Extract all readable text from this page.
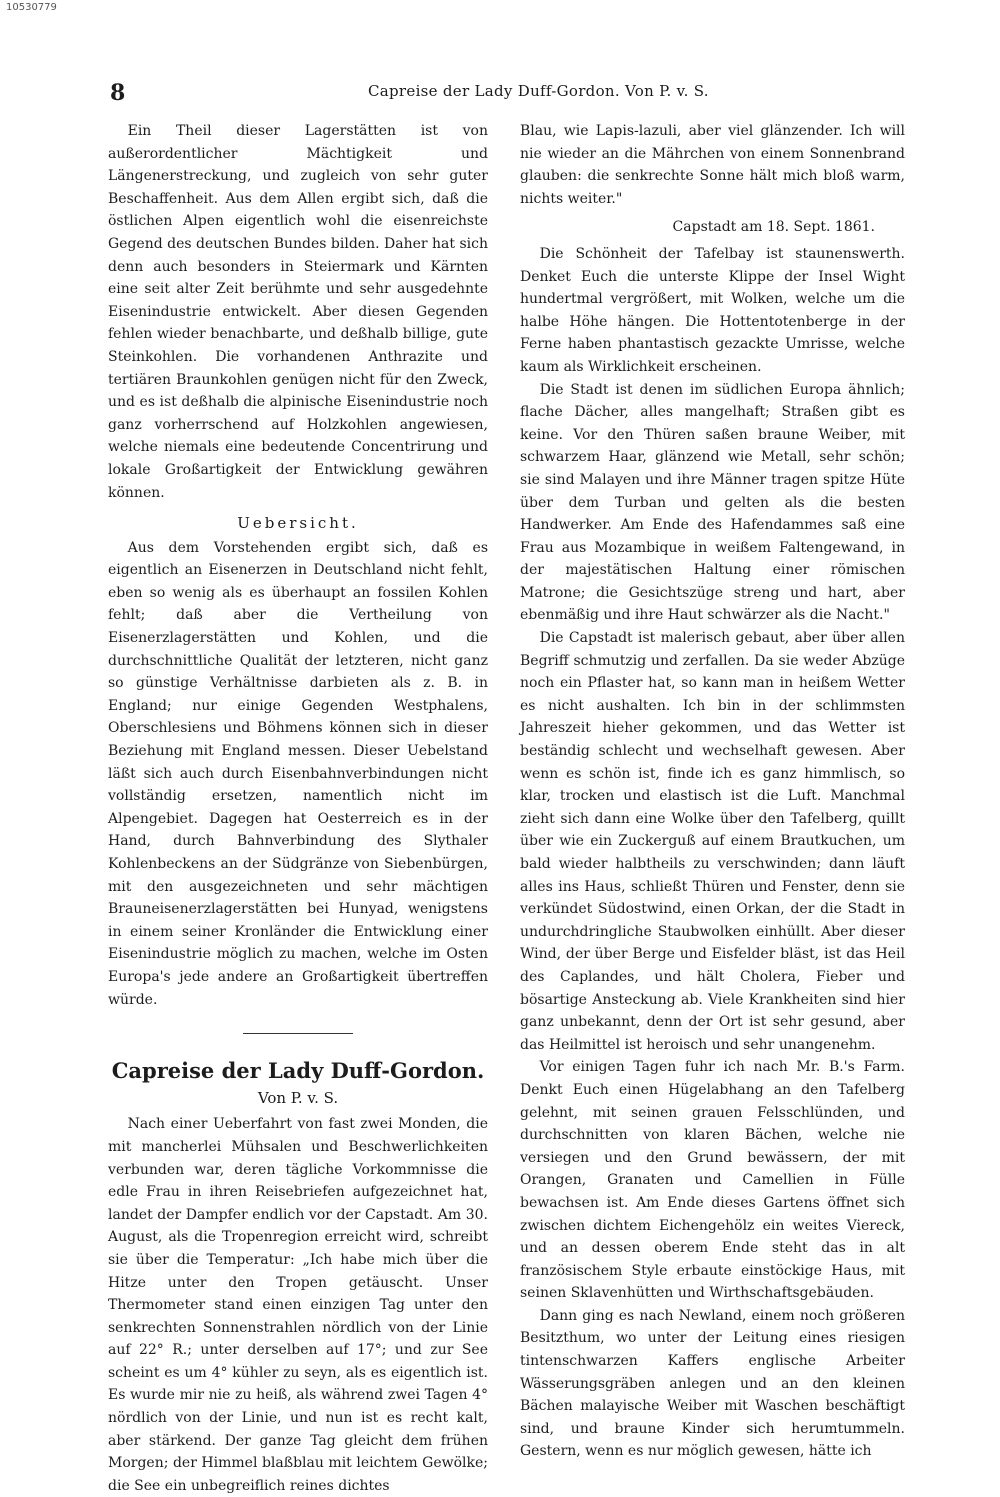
10530779
8	Capreise der Lady Duff-Gordon. Von P. v. S.

Ein Theil dieser Lagerstätten ist von außerordentlicher Mächtigkeit und Längenerstreckung, und zugleich von sehr guter Beschaffenheit. Aus dem Allen ergibt sich, daß die östlichen Alpen eigentlich wohl die eisenreichste Gegend des deutschen Bundes bilden. Daher hat sich denn auch besonders in Steiermark und Kärnten eine seit alter Zeit berühmte und sehr ausgedehnte Eisenindustrie entwickelt. Aber diesen Gegenden fehlen wieder benachbarte, und deßhalb billige, gute Steinkohlen. Die vorhandenen Anthrazite und tertiären Braunkohlen genügen nicht für den Zweck, und es ist deßhalb die alpinische Eisenindustrie noch ganz vorherrschend auf Holzkohlen angewiesen, welche niemals eine bedeutende Concentrirung und lokale Großartigkeit der Entwicklung gewähren können.

Uebersicht.

Aus dem Vorstehenden ergibt sich, daß es eigentlich an Eisenerzen in Deutschland nicht fehlt, eben so wenig als es überhaupt an fossilen Kohlen fehlt; daß aber die Vertheilung von Eisenerzlagerstätten und Kohlen, und die durchschnittliche Qualität der letzteren, nicht ganz so günstige Verhältnisse darbieten als z. B. in England; nur einige Gegenden Westphalens, Oberschlesiens und Böhmens können sich in dieser Beziehung mit England messen. Dieser Uebelstand läßt sich auch durch Eisenbahnverbindungen nicht vollständig ersetzen, namentlich nicht im Alpengebiet. Dagegen hat Oesterreich es in der Hand, durch Bahnverbindung des Slythaler Kohlenbeckens an der Südgränze von Siebenbürgen, mit den ausgezeichneten und sehr mächtigen Brauneisenerzlagerstätten bei Hunyad, wenigstens in einem seiner Kronländer die Entwicklung einer Eisenindustrie möglich zu machen, welche im Osten Europa's jede andere an Großartigkeit übertreffen würde.

Capreise der Lady Duff-Gordon.

Von P. v. S.

Nach einer Ueberfahrt von fast zwei Monden, die mit mancherlei Mühsalen und Beschwerlichkeiten verbunden war, deren tägliche Vorkommnisse die edle Frau in ihren Reisebriefen aufgezeichnet hat, landet der Dampfer endlich vor der Capstadt. Am 30. August, als die Tropenregion erreicht wird, schreibt sie über die Temperatur: „Ich habe mich über die Hitze unter den Tropen getäuscht. Unser Thermometer stand einen einzigen Tag unter den senkrechten Sonnenstrahlen nördlich von der Linie auf 22° R.; unter derselben auf 17°; und zur See scheint es um 4° kühler zu seyn, als es eigentlich ist. Es wurde mir nie zu heiß, als während zwei Tagen 4° nördlich von der Linie, und nun ist es recht kalt, aber stärkend. Der ganze Tag gleicht dem frühen Morgen; der Himmel blaßblau mit leichtem Gewölke; die See ein unbegreiflich reines dichtes

Blau, wie Lapis-lazuli, aber viel glänzender. Ich will nie wieder an die Mährchen von einem Sonnenbrand glauben: die senkrechte Sonne hält mich bloß warm, nichts weiter."

Capstadt am 18. Sept. 1861.

Die Schönheit der Tafelbay ist staunenswerth. Denket Euch die unterste Klippe der Insel Wight hundertmal vergrößert, mit Wolken, welche um die halbe Höhe hängen. Die Hottentotenberge in der Ferne haben phantastisch gezackte Umrisse, welche kaum als Wirklichkeit erscheinen.

Die Stadt ist denen im südlichen Europa ähnlich; flache Dächer, alles mangelhaft; Straßen gibt es keine. Vor den Thüren saßen braune Weiber, mit schwarzem Haar, glänzend wie Metall, sehr schön; sie sind Malayen und ihre Männer tragen spitze Hüte über dem Turban und gelten als die besten Handwerker. Am Ende des Hafendammes saß eine Frau aus Mozambique in weißem Faltengewand, in der majestätischen Haltung einer römischen Matrone; die Gesichtszüge streng und hart, aber ebenmäßig und ihre Haut schwärzer als die Nacht."

Die Capstadt ist malerisch gebaut, aber über allen Begriff schmutzig und zerfallen. Da sie weder Abzüge noch ein Pflaster hat, so kann man in heißem Wetter es nicht aushalten. Ich bin in der schlimmsten Jahreszeit hieher gekommen, und das Wetter ist beständig schlecht und wechselhaft gewesen. Aber wenn es schön ist, finde ich es ganz himmlisch, so klar, trocken und elastisch ist die Luft. Manchmal zieht sich dann eine Wolke über den Tafelberg, quillt über wie ein Zuckerguß auf einem Brautkuchen, um bald wieder halbtheils zu verschwinden; dann läuft alles ins Haus, schließt Thüren und Fenster, denn sie verkündet Südostwind, einen Orkan, der die Stadt in undurchdringliche Staubwolken einhüllt. Aber dieser Wind, der über Berge und Eisfelder bläst, ist das Heil des Caplandes, und hält Cholera, Fieber und bösartige Ansteckung ab. Viele Krankheiten sind hier ganz unbekannt, denn der Ort ist sehr gesund, aber das Heilmittel ist heroisch und sehr unangenehm.

Vor einigen Tagen fuhr ich nach Mr. B.'s Farm. Denkt Euch einen Hügelabhang an den Tafelberg gelehnt, mit seinen grauen Felsschlünden, und durchschnitten von klaren Bächen, welche nie versiegen und den Grund bewässern, der mit Orangen, Granaten und Camellien in Fülle bewachsen ist. Am Ende dieses Gartens öffnet sich zwischen dichtem Eichengehölz ein weites Viereck, und an dessen oberem Ende steht das in alt französischem Style erbaute einstöckige Haus, mit seinen Sklavenhütten und Wirthschaftsgebäuden.

Dann ging es nach Newland, einem noch größeren Besitzthum, wo unter der Leitung eines riesigen tintenschwarzen Kaffers englische Arbeiter Wässerungsgräben anlegen und an den kleinen Bächen malayische Weiber mit Waschen beschäftigt sind, und braune Kinder sich herumtummeln. Gestern, wenn es nur möglich gewesen, hätte ich
